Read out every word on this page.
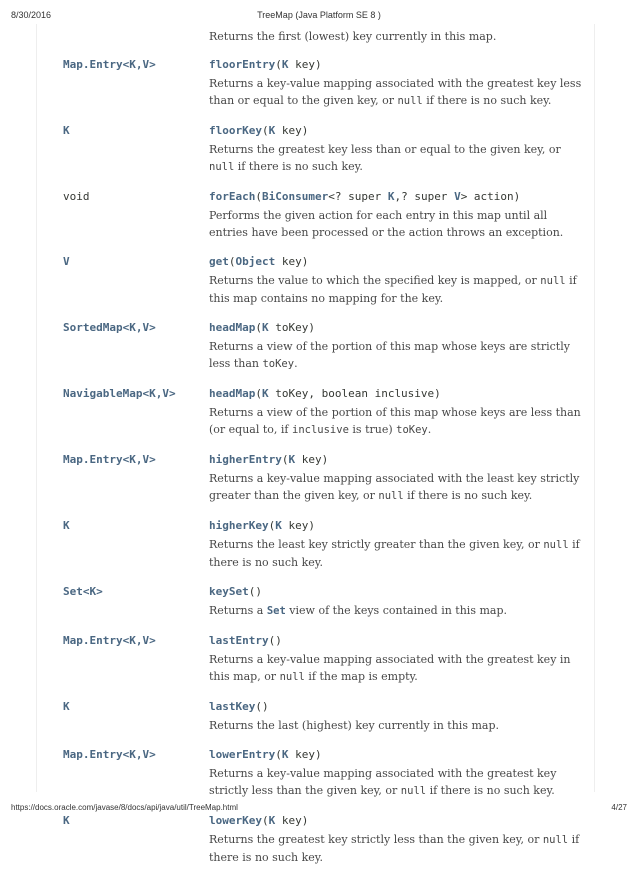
8/30/2016	TreeMap (Java Platform SE 8 )
Returns the first (lowest) key currently in this map.
Map.Entry<K,V>	floorEntry(K key)
Returns a key-value mapping associated with the greatest key less than or equal to the given key, or null if there is no such key.
K	floorKey(K key)
Returns the greatest key less than or equal to the given key, or null if there is no such key.
void	forEach(BiConsumer<? super K,? super V> action)
Performs the given action for each entry in this map until all entries have been processed or the action throws an exception.
V	get(Object key)
Returns the value to which the specified key is mapped, or null if this map contains no mapping for the key.
SortedMap<K,V>	headMap(K toKey)
Returns a view of the portion of this map whose keys are strictly less than toKey.
NavigableMap<K,V>	headMap(K toKey, boolean inclusive)
Returns a view of the portion of this map whose keys are less than (or equal to, if inclusive is true) toKey.
Map.Entry<K,V>	higherEntry(K key)
Returns a key-value mapping associated with the least key strictly greater than the given key, or null if there is no such key.
K	higherKey(K key)
Returns the least key strictly greater than the given key, or null if there is no such key.
Set<K>	keySet()
Returns a Set view of the keys contained in this map.
Map.Entry<K,V>	lastEntry()
Returns a key-value mapping associated with the greatest key in this map, or null if the map is empty.
K	lastKey()
Returns the last (highest) key currently in this map.
Map.Entry<K,V>	lowerEntry(K key)
Returns a key-value mapping associated with the greatest key strictly less than the given key, or null if there is no such key.
K	lowerKey(K key)
Returns the greatest key strictly less than the given key, or null if there is no such key.
https://docs.oracle.com/javase/8/docs/api/java/util/TreeMap.html	4/27
